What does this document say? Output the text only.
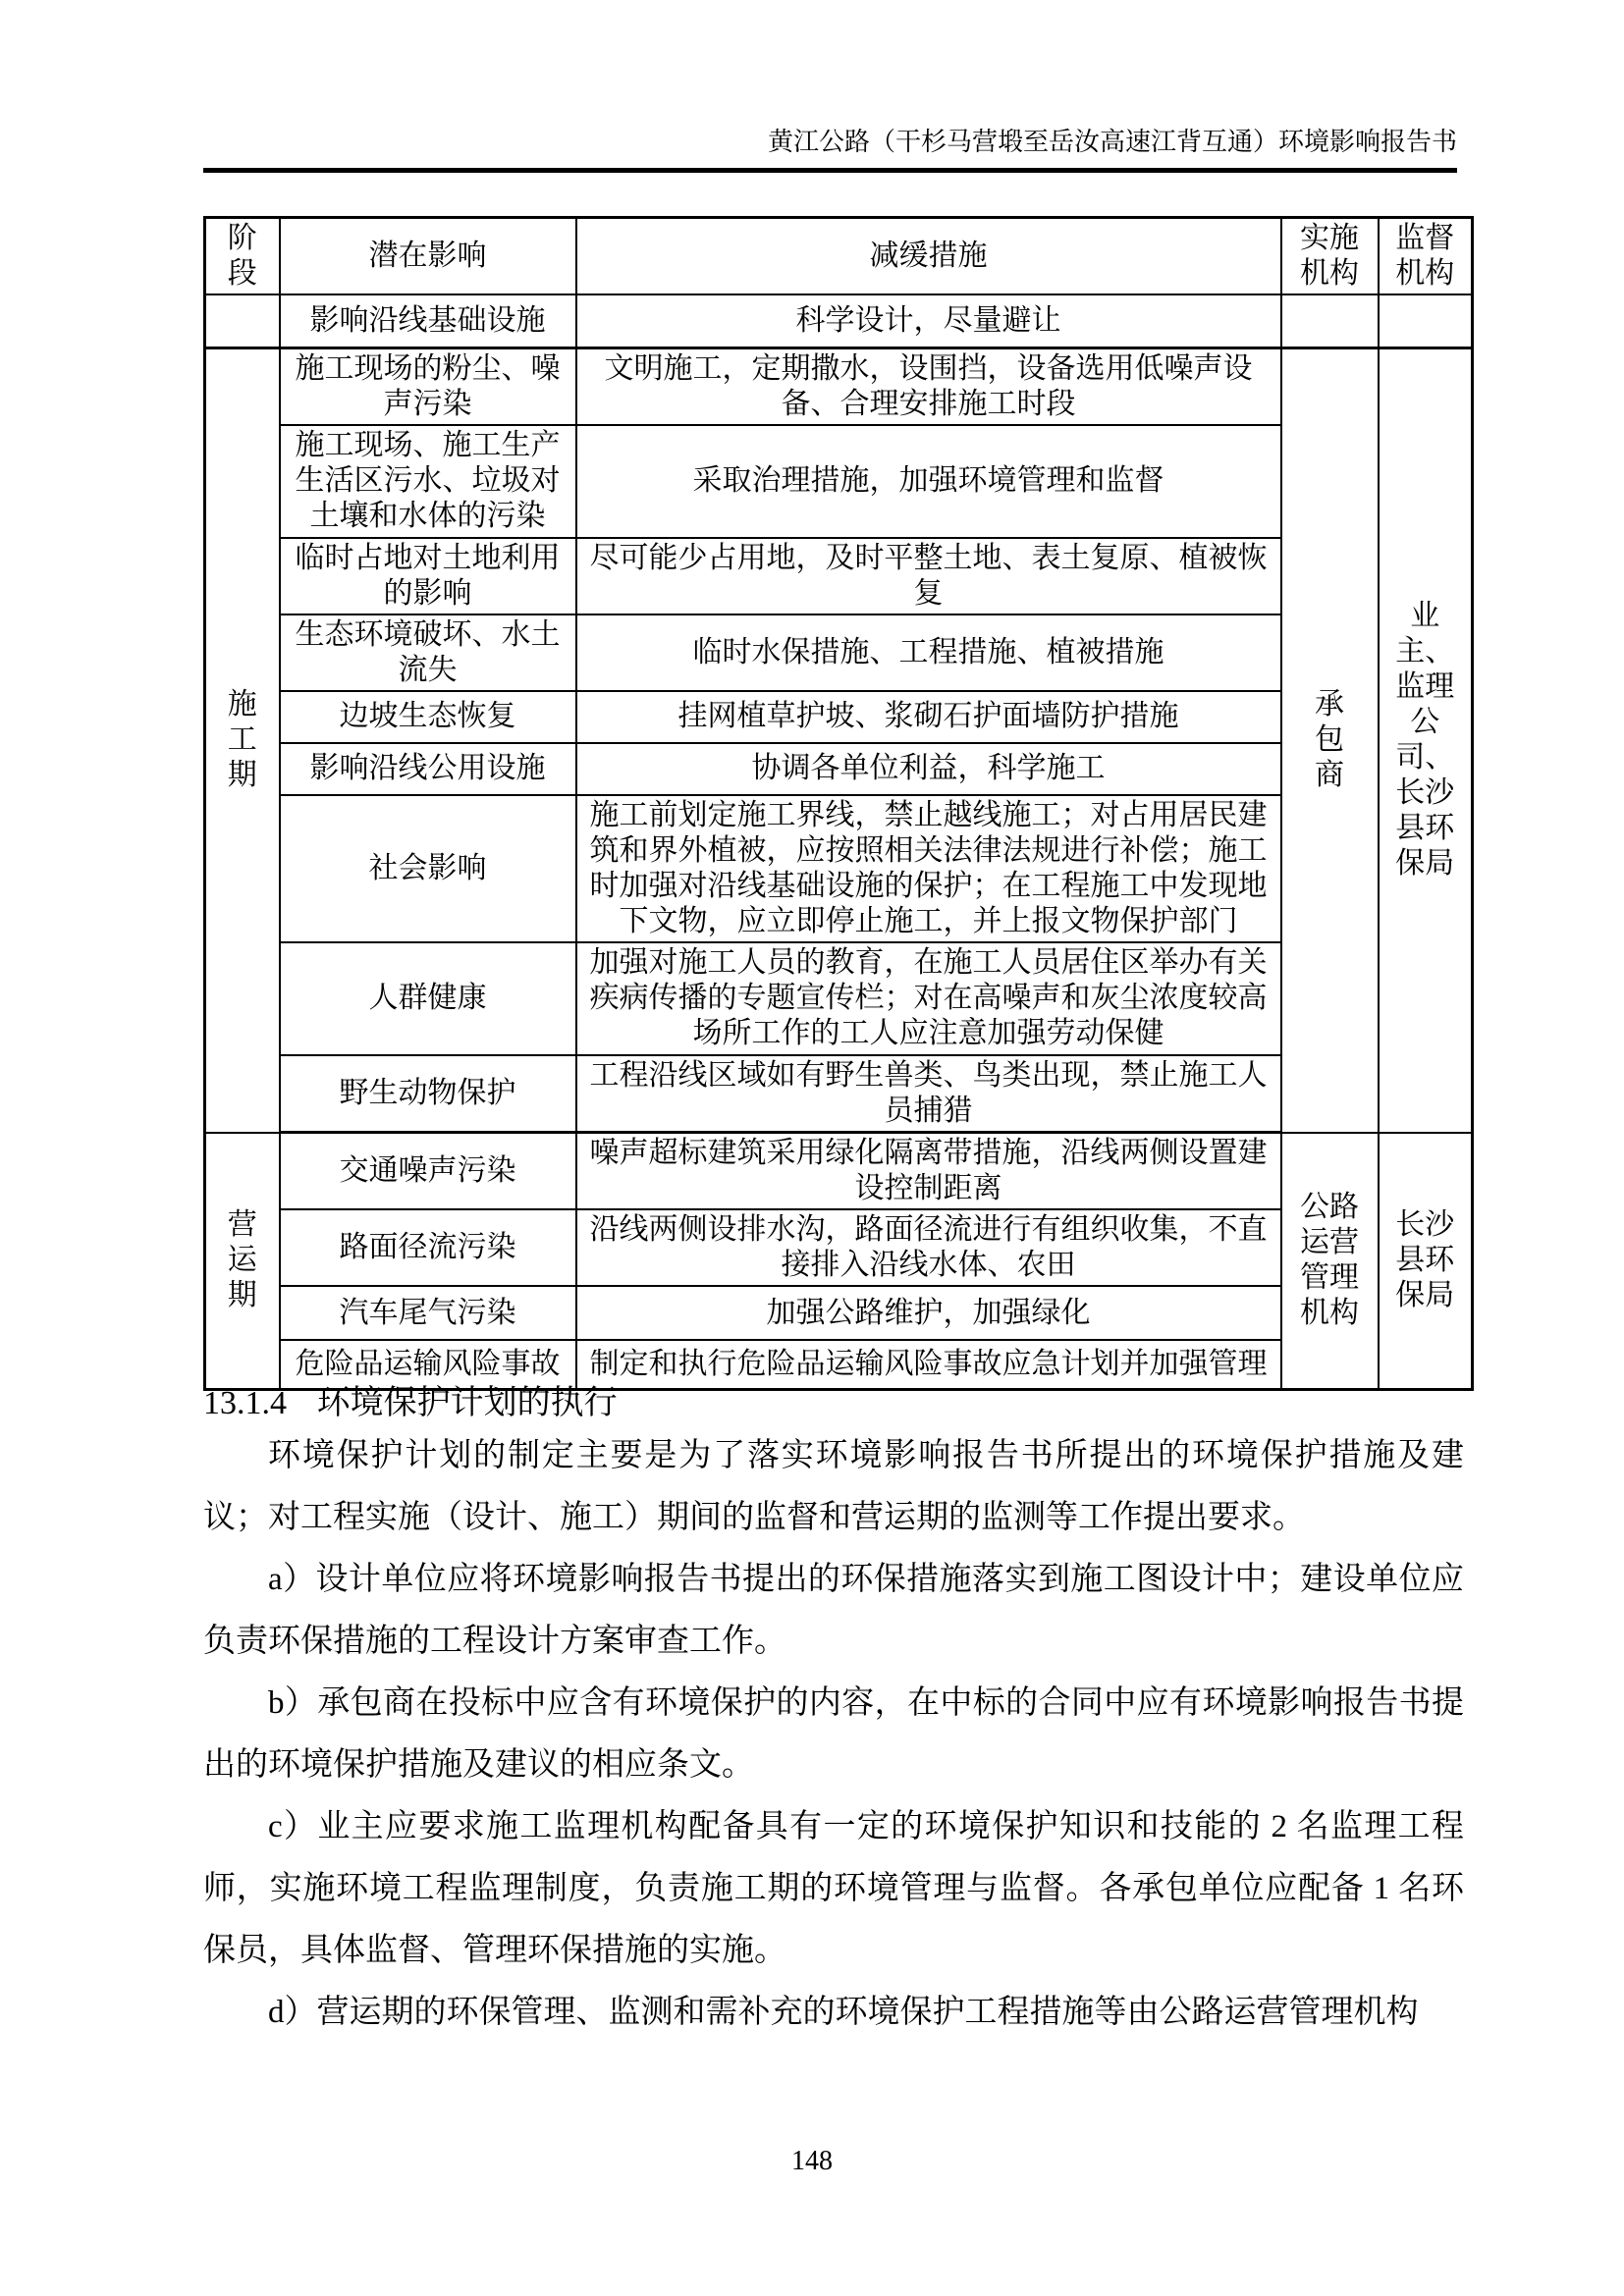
黄江公路（干杉马营塅至岳汝高速江背互通）环境影响报告书
阶段	潜在影响	减缓措施	实施机构	监督机构

	影响沿线基础设施	科学设计，尽量避让		

施工期	施工现场的粉尘、噪声污染	文明施工，定期撒水，设围挡，设备选用低噪声设备、合理安排施工时段	承包商	业主、监理公司、长沙县环保局

	施工现场、施工生产生活区污水、垃圾对土壤和水体的污染	采取治理措施，加强环境管理和监督		
	临时占地对土地利用的影响	尽可能少占用地，及时平整土地、表土复原、植被恢复		
	生态环境破坏、水土流失	临时水保措施、工程措施、植被措施		
	边坡生态恢复	挂网植草护坡、浆砌石护面墙防护措施		
	影响沿线公用设施	协调各单位利益，科学施工		
	社会影响	施工前划定施工界线，禁止越线施工；对占用居民建筑和界外植被，应按照相关法律法规进行补偿；施工时加强对沿线基础设施的保护；在工程施工中发现地下文物，应立即停止施工，并上报文物保护部门		
	人群健康	加强对施工人员的教育，在施工人员居住区举办有关疾病传播的专题宣传栏；对在高噪声和灰尘浓度较高场所工作的工人应注意加强劳动保健		
	野生动物保护	工程沿线区域如有野生兽类、鸟类出现，禁止施工人员捕猎		

营运期	交通噪声污染	噪声超标建筑采用绿化隔离带措施，沿线两侧设置建设控制距离	公路运营管理机构	长沙县环保局

	路面径流污染	沿线两侧设排水沟，路面径流进行有组织收集，不直接排入沿线水体、农田		
	汽车尾气污染	加强公路维护，加强绿化		
	危险品运输风险事故	制定和执行危险品运输风险事故应急计划并加强管理		
13.1.4 环境保护计划的执行

环境保护计划的制定主要是为了落实环境影响报告书所提出的环境保护措施及建议；对工程实施（设计、施工）期间的监督和营运期的监测等工作提出要求。

a）设计单位应将环境影响报告书提出的环保措施落实到施工图设计中；建设单位应负责环保措施的工程设计方案审查工作。

b）承包商在投标中应含有环境保护的内容，在中标的合同中应有环境影响报告书提出的环境保护措施及建议的相应条文。

c）业主应要求施工监理机构配备具有一定的环境保护知识和技能的 2 名监理工程师，实施环境工程监理制度，负责施工期的环境管理与监督。各承包单位应配备 1 名环保员，具体监督、管理环保措施的实施。

d）营运期的环保管理、监测和需补充的环境保护工程措施等由公路运营管理机构

148
